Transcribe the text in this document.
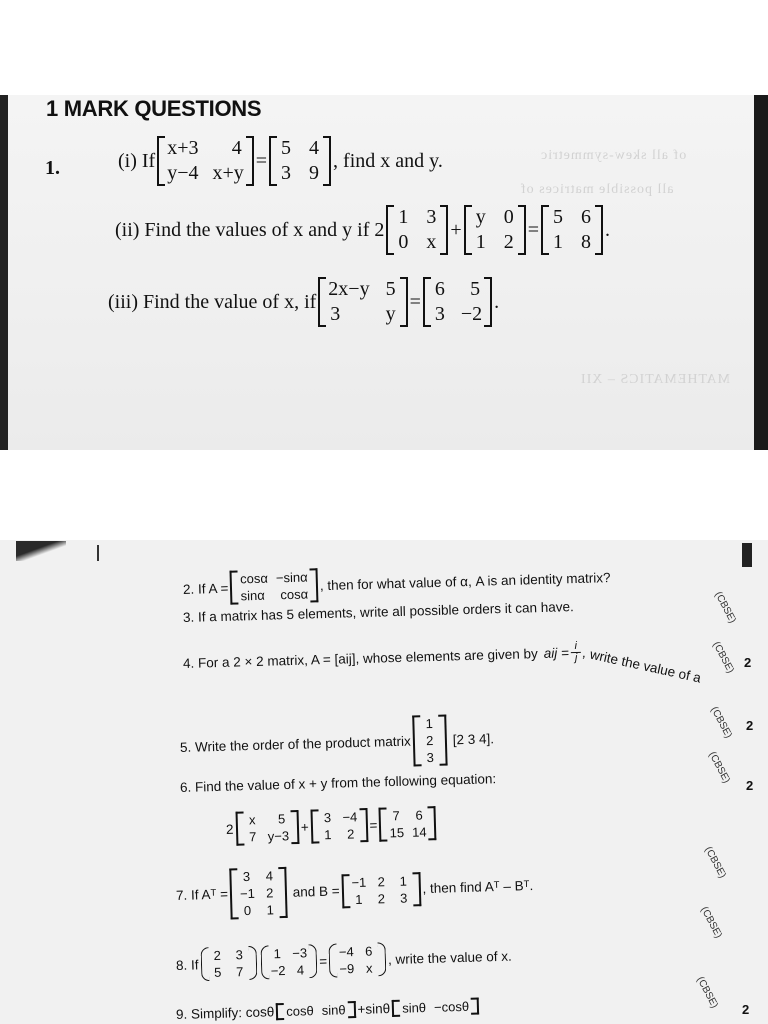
of all skew-symmetric
all possible matrices of
MATHEMATICS – XII
1 MARK QUESTIONS
1.	(i) If
x+3 4
y−4 x+y
=
5 4
3 9
, find x and y.
(ii) Find the values of x and y if 2
1 3
0 x
+
y 0
1 2
=
5 6
1 8
.
(iii) Find the value of x, if
2x−y 5
3 y
=
6 5
3 −2
.
2. If A =
cosα −sinα
sinα cosα
, then for what value of α, A is an identity matrix?
3. If a matrix has 5 elements, write all possible orders it can have.
4. For a 2 × 2 matrix, A = [aij], whose elements are given by aij = $\frac{i}{j}$ , write the value of a
5. Write the order of the product matrix
1
2
3
[2 3 4].
6. Find the value of x + y from the following equation:
2
x 5
7 y−3
+
3 −4
1 2
=
7 6
15 14
7. If Aᵀ =
3 4
−1 2
0 1
and B =
−1 2 1
1 2 3
, then find Aᵀ – Bᵀ.
8. If
2 3
5 7
1 −3
−2 4
=
−4 6
−9 x
, write the value of x.
9. Simplify: cosθ cosθ sinθ +sinθ sinθ −cosθ
(CBSE)
(CBSE)
(CBSE)
(CBSE)
(CBSE)
(CBSE)
(CBSE)
2
2
2
2
